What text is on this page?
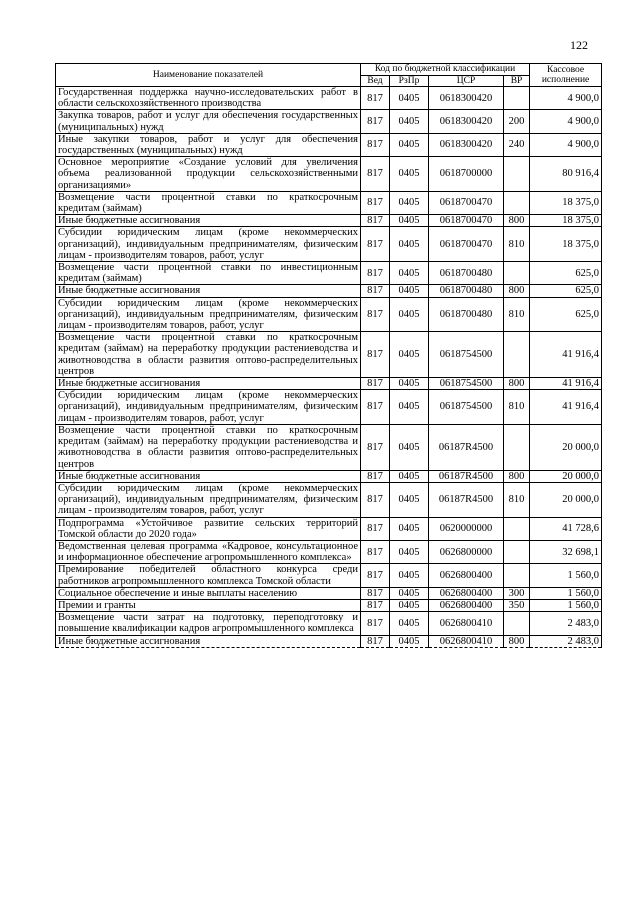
122
Наименование показателей	Код по бюджетной классификации				Кассовое исполнение
	Вед	РзПр	ЦСР	ВР	
Государственная поддержка научно-исследовательских работ в области сельскохозяйственного производства	817	0405	0618300420		4 900,0
Закупка товаров, работ и услуг для обеспечения государственных (муниципальных) нужд	817	0405	0618300420	200	4 900,0
Иные закупки товаров, работ и услуг для обеспечения государственных (муниципальных) нужд	817	0405	0618300420	240	4 900,0
Основное мероприятие «Создание условий для увеличения объема реализованной продукции сельскохозяйственными организациями»	817	0405	0618700000		80 916,4
Возмещение части процентной ставки по краткосрочным кредитам (займам)	817	0405	0618700470		18 375,0
Иные бюджетные ассигнования	817	0405	0618700470	800	18 375,0
Субсидии юридическим лицам (кроме некоммерческих организаций), индивидуальным предпринимателям, физическим лицам - производителям товаров, работ, услуг	817	0405	0618700470	810	18 375,0
Возмещение части процентной ставки по инвестиционным кредитам (займам)	817	0405	0618700480		625,0
Иные бюджетные ассигнования	817	0405	0618700480	800	625,0
Субсидии юридическим лицам (кроме некоммерческих организаций), индивидуальным предпринимателям, физическим лицам - производителям товаров, работ, услуг	817	0405	0618700480	810	625,0
Возмещение части процентной ставки по краткосрочным кредитам (займам) на переработку продукции растениеводства и животноводства в области развития оптово-распределительных центров	817	0405	0618754500		41 916,4
Иные бюджетные ассигнования	817	0405	0618754500	800	41 916,4
Субсидии юридическим лицам (кроме некоммерческих организаций), индивидуальным предпринимателям, физическим лицам - производителям товаров, работ, услуг	817	0405	0618754500	810	41 916,4
Возмещение части процентной ставки по краткосрочным кредитам (займам) на переработку продукции растениеводства и животноводства в области развития оптово-распределительных центров	817	0405	06187R4500		20 000,0
Иные бюджетные ассигнования	817	0405	06187R4500	800	20 000,0
Субсидии юридическим лицам (кроме некоммерческих организаций), индивидуальным предпринимателям, физическим лицам - производителям товаров, работ, услуг	817	0405	06187R4500	810	20 000,0
Подпрограмма «Устойчивое развитие сельских территорий Томской области до 2020 года»	817	0405	0620000000		41 728,6
Ведомственная целевая программа «Кадровое, консультационное и информационное обеспечение агропромышленного комплекса»	817	0405	0626800000		32 698,1
Премирование победителей областного конкурса среди работников агропромышленного комплекса Томской области	817	0405	0626800400		1 560,0
Социальное обеспечение и иные выплаты населению	817	0405	0626800400	300	1 560,0
Премии и гранты	817	0405	0626800400	350	1 560,0
Возмещение части затрат на подготовку, переподготовку и повышение квалификации кадров агропромышленного комплекса	817	0405	0626800410		2 483,0
Иные бюджетные ассигнования	817	0405	0626800410	800	2 483,0
